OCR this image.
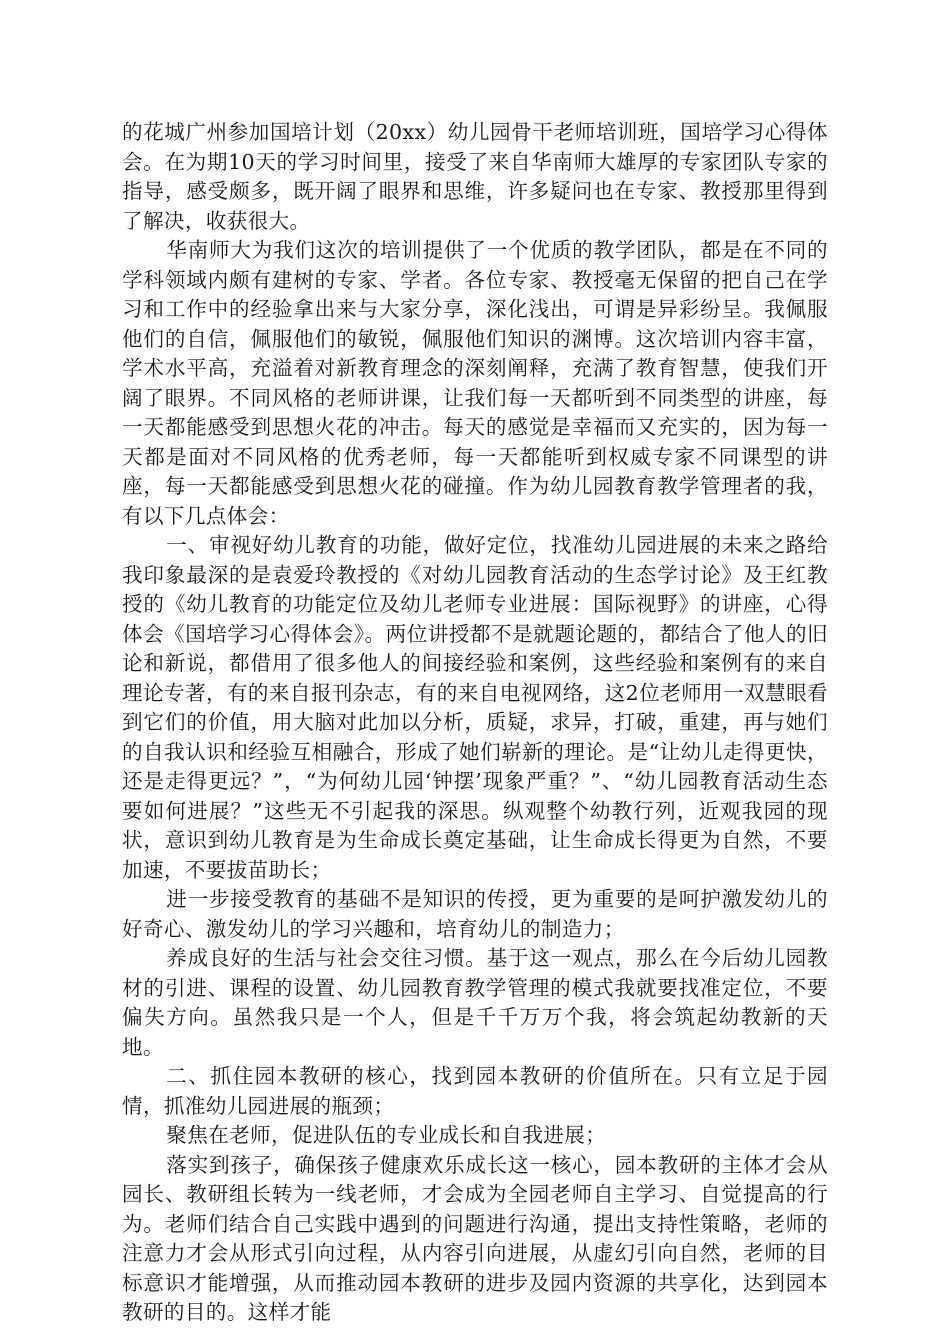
的花城广州参加国培计划（20xx）幼儿园骨干老师培训班，国培学习心得体会。在为期10天的学习时间里，接受了来自华南师大雄厚的专家团队专家的指导，感受颇多，既开阔了眼界和思维，许多疑问也在专家、教授那里得到了解决，收获很大。

华南师大为我们这次的培训提供了一个优质的教学团队，都是在不同的学科领域内颇有建树的专家、学者。各位专家、教授毫无保留的把自己在学习和工作中的经验拿出来与大家分享，深化浅出，可谓是异彩纷呈。我佩服他们的自信，佩服他们的敏锐，佩服他们知识的渊博。这次培训内容丰富，学术水平高，充溢着对新教育理念的深刻阐释，充满了教育智慧，使我们开阔了眼界。不同风格的老师讲课，让我们每一天都听到不同类型的讲座，每一天都能感受到思想火花的冲击。每天的感觉是幸福而又充实的，因为每一天都是面对不同风格的优秀老师，每一天都能听到权威专家不同课型的讲座，每一天都能感受到思想火花的碰撞。作为幼儿园教育教学管理者的我，有以下几点体会：

一、审视好幼儿教育的功能，做好定位，找准幼儿园进展的未来之路给我印象最深的是袁爱玲教授的《对幼儿园教育活动的生态学讨论》及王红教授的《幼儿教育的功能定位及幼儿老师专业进展：国际视野》的讲座，心得体会《国培学习心得体会》。两位讲授都不是就题论题的，都结合了他人的旧论和新说，都借用了很多他人的间接经验和案例，这些经验和案例有的来自理论专著，有的来自报刊杂志，有的来自电视网络，这2位老师用一双慧眼看到它们的价值，用大脑对此加以分析，质疑，求异，打破，重建，再与她们的自我认识和经验互相融合，形成了她们崭新的理论。是“让幼儿走得更快，还是走得更远？”，“为何幼儿园‘钟摆’现象严重？”、“幼儿园教育活动生态要如何进展？”这些无不引起我的深思。纵观整个幼教行列，近观我园的现状，意识到幼儿教育是为生命成长奠定基础，让生命成长得更为自然，不要加速，不要拔苗助长；

进一步接受教育的基础不是知识的传授，更为重要的是呵护激发幼儿的好奇心、激发幼儿的学习兴趣和，培育幼儿的制造力；

养成良好的生活与社会交往习惯。基于这一观点，那么在今后幼儿园教材的引进、课程的设置、幼儿园教育教学管理的模式我就要找准定位，不要偏失方向。虽然我只是一个人，但是千千万万个我，将会筑起幼教新的天地。

二、抓住园本教研的核心，找到园本教研的价值所在。只有立足于园情，抓准幼儿园进展的瓶颈；

聚焦在老师，促进队伍的专业成长和自我进展；

落实到孩子，确保孩子健康欢乐成长这一核心，园本教研的主体才会从园长、教研组长转为一线老师，才会成为全园老师自主学习、自觉提高的行为。老师们结合自己实践中遇到的问题进行沟通，提出支持性策略，老师的注意力才会从形式引向过程，从内容引向进展，从虚幻引向自然，老师的目标意识才能增强，从而推动园本教研的进步及园内资源的共享化，达到园本教研的目的。这样才能
